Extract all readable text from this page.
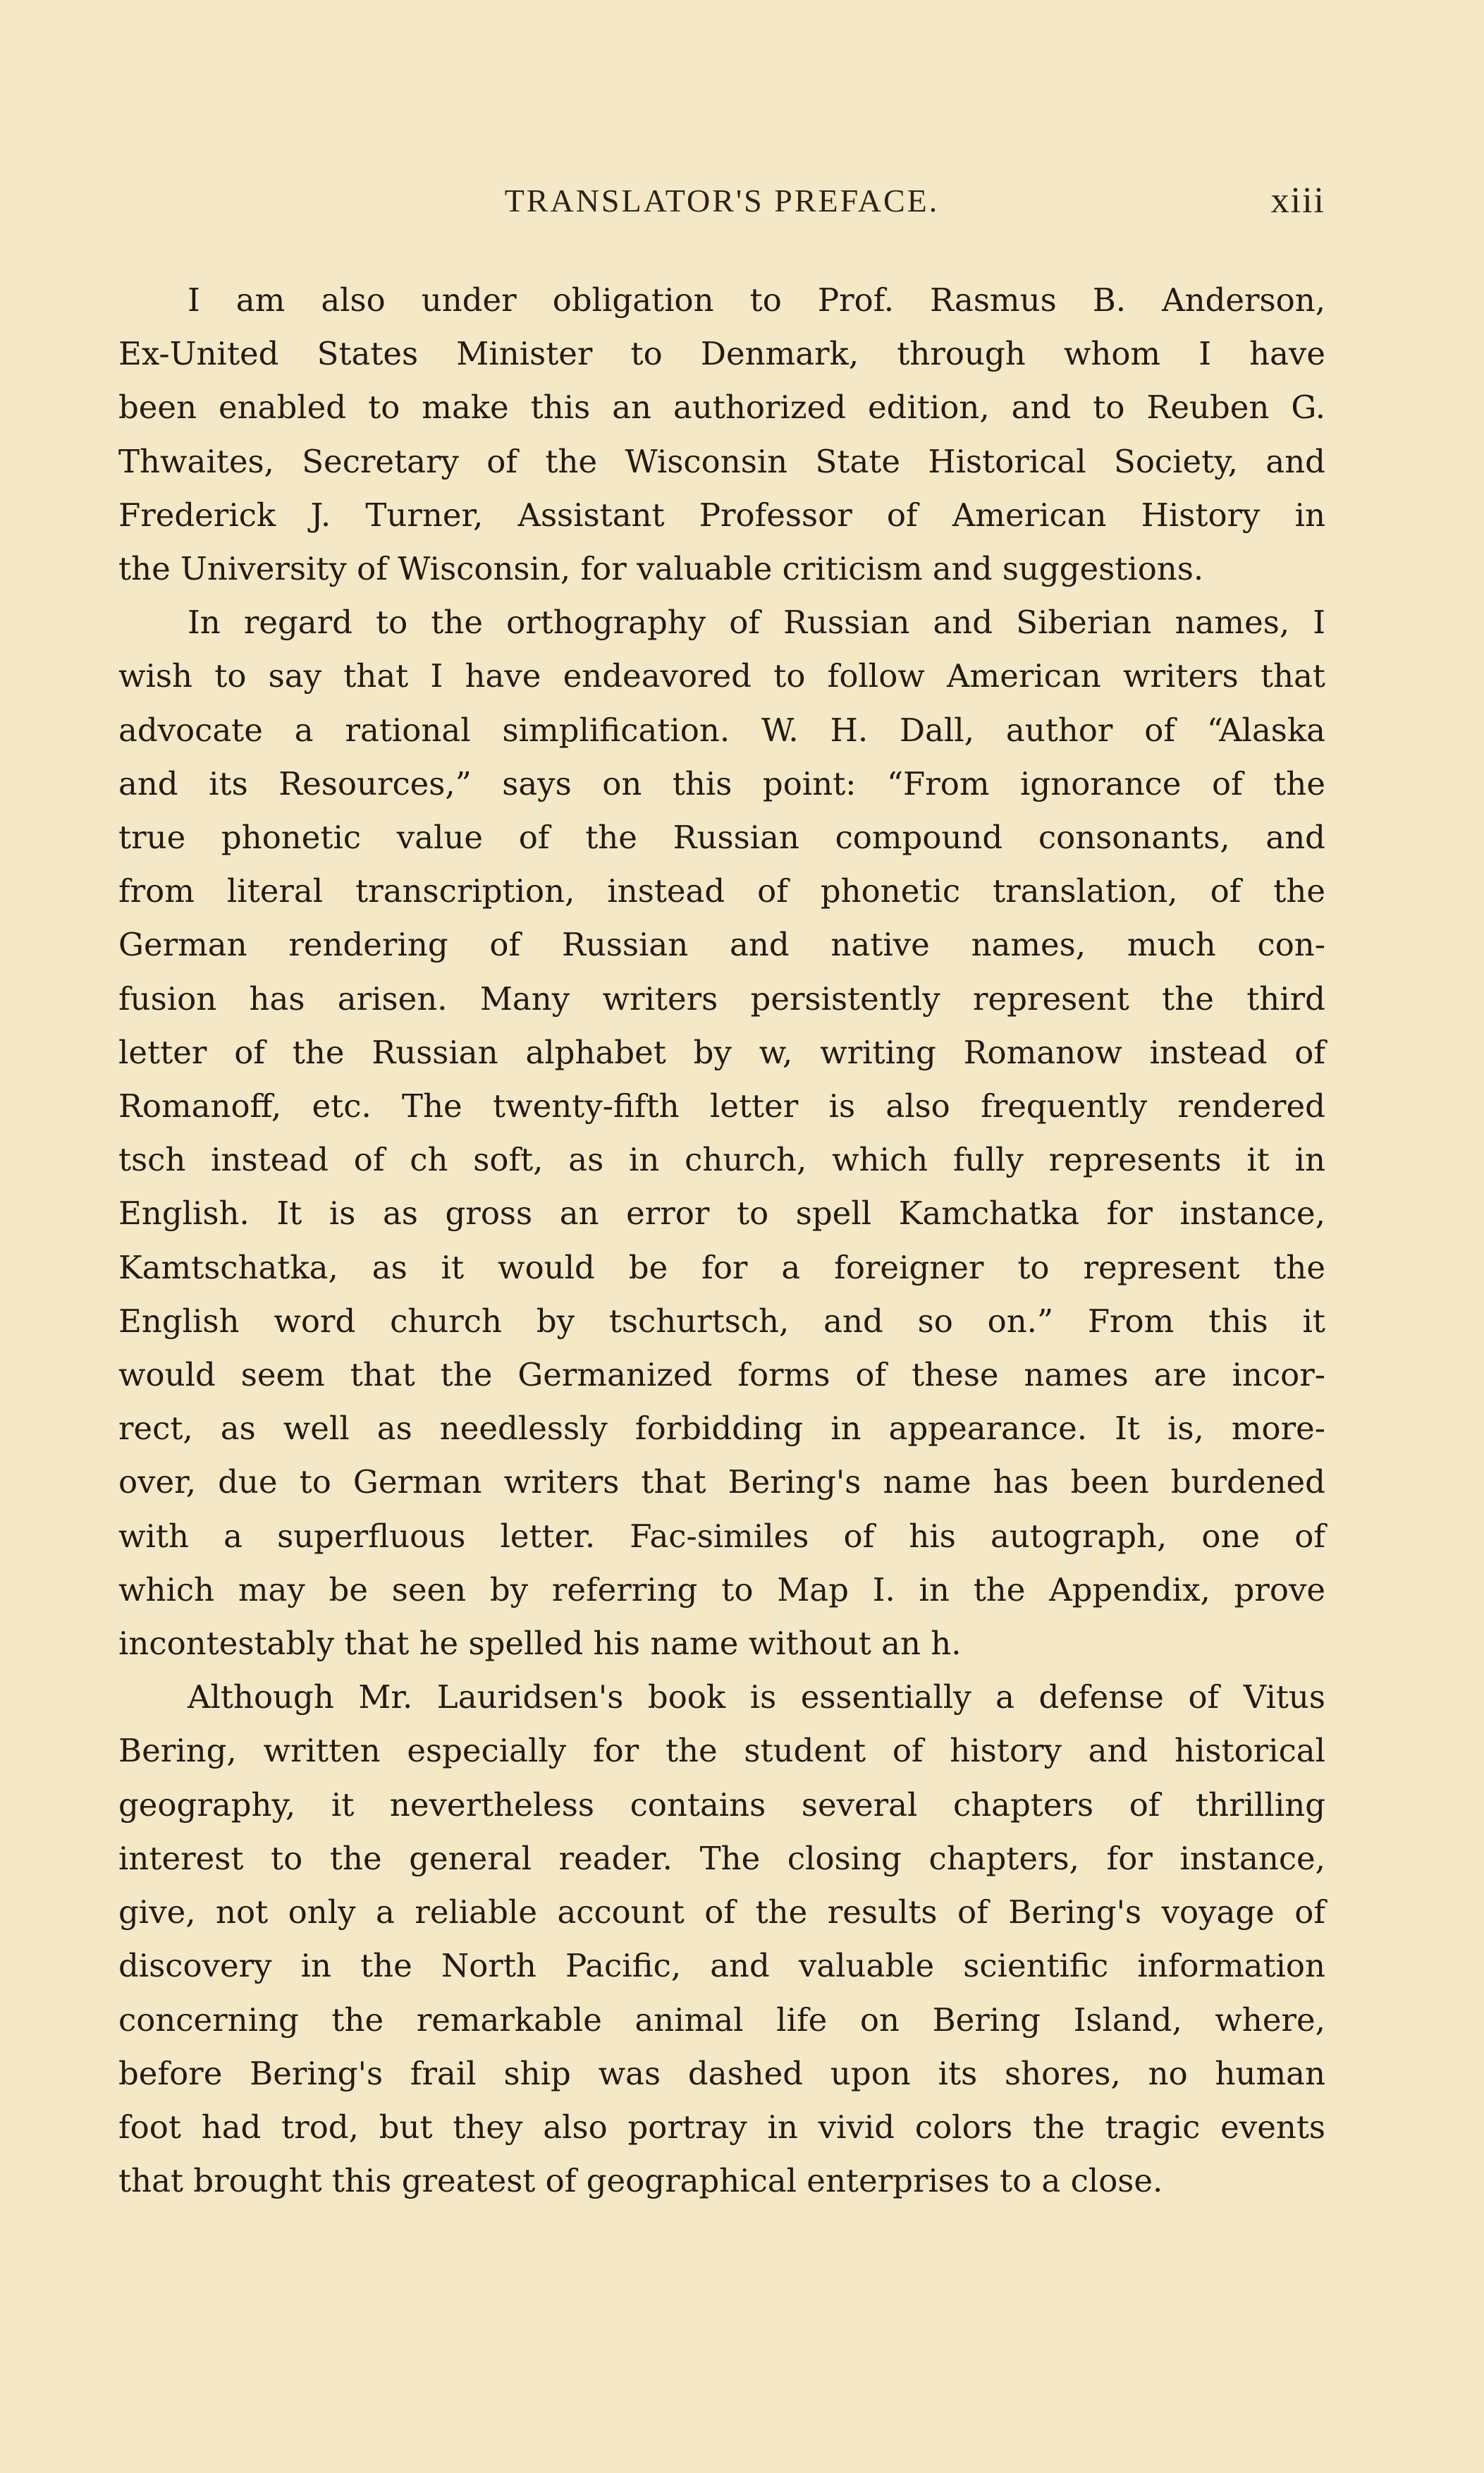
TRANSLATOR'S PREFACE.	xiii
I am also under obligation to Prof. Rasmus B. Anderson,
Ex-United States Minister to Denmark, through whom I have
been enabled to make this an authorized edition, and to Reuben G.
Thwaites, Secretary of the Wisconsin State Historical Society, and
Frederick J. Turner, Assistant Professor of American History in
the University of Wisconsin, for valuable criticism and suggestions.
In regard to the orthography of Russian and Siberian names, I
wish to say that I have endeavored to follow American writers that
advocate a rational simplification. W. H. Dall, author of “Alaska
and its Resources,” says on this point: “From ignorance of the
true phonetic value of the Russian compound consonants, and
from literal transcription, instead of phonetic translation, of the
German rendering of Russian and native names, much con-
fusion has arisen. Many writers persistently represent the third
letter of the Russian alphabet by w, writing Romanow instead of
Romanoff, etc. The twenty-fifth letter is also frequently rendered
tsch instead of ch soft, as in church, which fully represents it in
English. It is as gross an error to spell Kamchatka for instance,
Kamtschatka, as it would be for a foreigner to represent the
English word church by tschurtsch, and so on.” From this it
would seem that the Germanized forms of these names are incor-
rect, as well as needlessly forbidding in appearance. It is, more-
over, due to German writers that Bering's name has been burdened
with a superfluous letter. Fac-similes of his autograph, one of
which may be seen by referring to Map I. in the Appendix, prove
incontestably that he spelled his name without an h.
Although Mr. Lauridsen's book is essentially a defense of Vitus
Bering, written especially for the student of history and historical
geography, it nevertheless contains several chapters of thrilling
interest to the general reader. The closing chapters, for instance,
give, not only a reliable account of the results of Bering's voyage of
discovery in the North Pacific, and valuable scientific information
concerning the remarkable animal life on Bering Island, where,
before Bering's frail ship was dashed upon its shores, no human
foot had trod, but they also portray in vivid colors the tragic events
that brought this greatest of geographical enterprises to a close.
